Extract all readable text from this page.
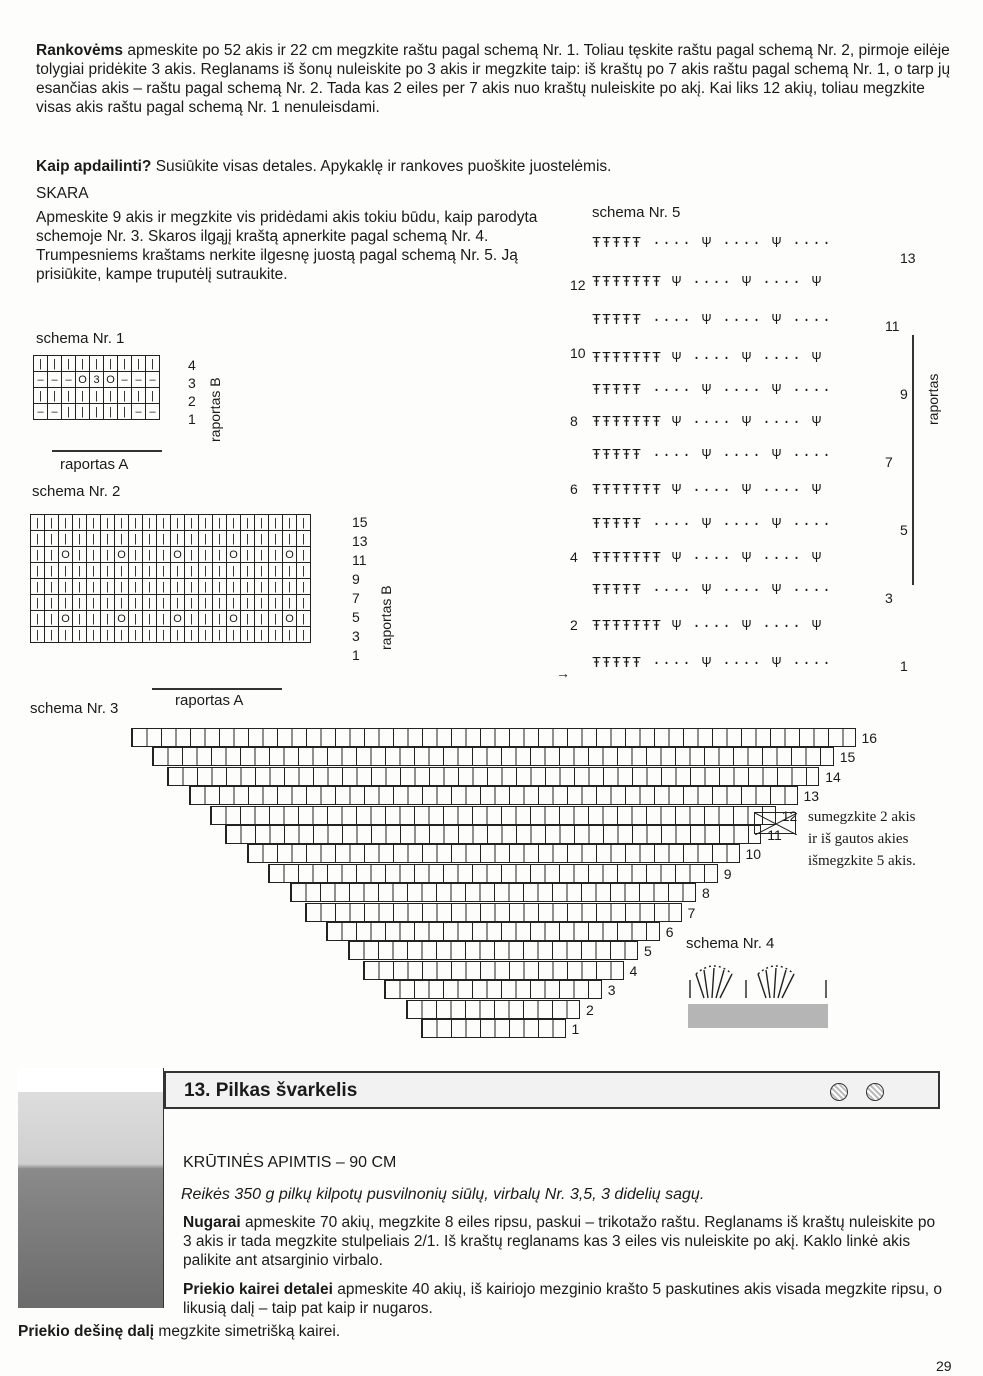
Rankovėms apmeskite po 52 akis ir 22 cm megzkite raštu pagal schemą Nr. 1. Toliau tęskite raštu pagal schemą Nr. 2, pirmoje eilėje tolygiai pridėkite 3 akis. Reglanams iš šonų nuleiskite po 3 akis ir megzkite taip: iš kraštų po 7 akis raštu pagal schemą Nr. 1, o tarp jų esančias akis – raštu pagal schemą Nr. 2. Tada kas 2 eiles per 7 akis nuo kraštų nuleiskite po akį. Kai liks 12 akių, toliau megzkite visas akis raštu pagal schemą Nr. 1 nenuleisdami.
Kaip apdailinti? Susiūkite visas detales. Apykaklę ir rankoves puoškite juostelėmis.
SKARA
Apmeskite 9 akis ir megzkite vis pridėdami akis tokiu būdu, kaip parodyta schemoje Nr. 3. Skaros ilgąjį kraštą apnerkite pagal schemą Nr. 4. Trumpesniems kraštams nerkite ilgesnę juostą pagal schemą Nr. 5. Ją prisiūkite, kampe truputėlį sutraukite.
schema Nr. 1
|	|	|	|	|	|	|	|	|
–	–	–	O	3	O	–	–	–
|	|	|	|	|	|	|	|	|
–	–	|	|	|	|	|	–	–
4
3
2
1 raportas B
raportas A
schema Nr. 2
|	|	|	|	|	|	|	|	|	|	|	|	|	|	|	|	|	|	|	|
|	|	|	|	|	|	|	|	|	|	|	|	|	|	|	|	|	|	|	|
|	|	O	|	|	|	O	|	|	|	O	|	|	|	O	|	|	|	O	|
|	|	|	|	|	|	|	|	|	|	|	|	|	|	|	|	|	|	|	|
|	|	|	|	|	|	|	|	|	|	|	|	|	|	|	|	|	|	|	|
|	|	|	|	|	|	|	|	|	|	|	|	|	|	|	|	|	|	|	|
|	|	O	|	|	|	O	|	|	|	O	|	|	|	O	|	|	|	O	|
|	|	|	|	|	|	|	|	|	|	|	|	|	|	|	|	|	|	|	|
15
13
11
9
7
5
3
1
raportas B
raportas A
schema Nr. 3
16
15
14
13
12
11
10
9
8
7
6
5
4
3
2
1
schema Nr. 5
ŦŦŦŦŦ ···· Ψ ···· Ψ ····
ŦŦŦŦŦŦŦ Ψ ···· Ψ ···· Ψ
ŦŦŦŦŦ ···· Ψ ···· Ψ ····
ŦŦŦŦŦŦŦ Ψ ···· Ψ ···· Ψ
ŦŦŦŦŦ ···· Ψ ···· Ψ ····
ŦŦŦŦŦŦŦ Ψ ···· Ψ ···· Ψ
ŦŦŦŦŦ ···· Ψ ···· Ψ ····
ŦŦŦŦŦŦŦ Ψ ···· Ψ ···· Ψ
ŦŦŦŦŦ ···· Ψ ···· Ψ ····
ŦŦŦŦŦŦŦ Ψ ···· Ψ ···· Ψ
ŦŦŦŦŦ ···· Ψ ···· Ψ ····
ŦŦŦŦŦŦŦ Ψ ···· Ψ ···· Ψ
ŦŦŦŦŦ ···· Ψ ···· Ψ ····
12
10
8
6
4
2
13
11
9
7
5
3
1
→
raportas
sumegzkite 2 akis
ir iš gautos akies
išmegzkite 5 akis.
schema Nr. 4
13. Pilkas švarkelis
KRŪTINĖS APIMTIS – 90 CM
Reikės 350 g pilkų kilpotų pusvilnonių siūlų, virbalų Nr. 3,5, 3 didelių sagų.
Nugarai apmeskite 70 akių, megzkite 8 eiles ripsu, paskui – trikotažo raštu. Reglanams iš kraštų nuleiskite po 3 akis ir tada megzkite stulpeliais 2/1. Iš kraštų reglanams kas 3 eiles vis nuleiskite po akį. Kaklo linkė akis palikite ant atsarginio virbalo.
Priekio kairei detalei apmeskite 40 akių, iš kairiojo mezginio krašto 5 paskutines akis visada megzkite ripsu, o likusią dalį – taip pat kaip ir nugaros.
Priekio dešinę dalį megzkite simetrišką kairei.
29
